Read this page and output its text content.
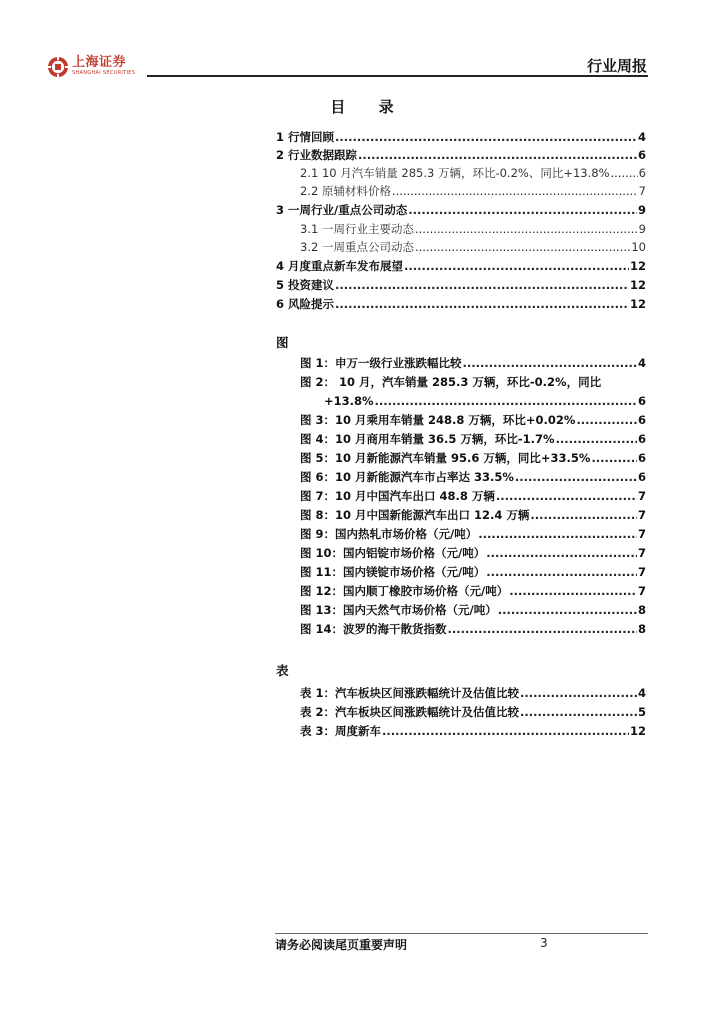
上海证券
SHANGHAI SECURITIES	行业周报
目 录
1 行情回顾 .....	4
2 行业数据跟踪 .....	6
2.1 10 月汽车销量 285.3 万辆，环比-0.2%、同比+13.8% .....	6
2.2 原辅材料价格 .....	7
3 一周行业/重点公司动态 .....	9
3.1 一周行业主要动态 .....	9
3.2 一周重点公司动态 .....	10
4 月度重点新车发布展望 .....	12
5 投资建议 .....	12
6 风险提示 .....	12
图
图 1：申万一级行业涨跌幅比较 .....	4
图 2： 10 月，汽车销量 285.3 万辆，环比-0.2%，同比
+13.8% .....	6
图 3：10 月乘用车销量 248.8 万辆，环比+0.02% .....	6
图 4：10 月商用车销量 36.5 万辆，环比-1.7% .....	6
图 5：10 月新能源汽车销量 95.6 万辆，同比+33.5% .....	6
图 6：10 月新能源汽车市占率达 33.5% .....	6
图 7：10 月中国汽车出口 48.8 万辆 .....	7
图 8：10 月中国新能源汽车出口 12.4 万辆 .....	7
图 9：国内热轧市场价格（元/吨） .....	7
图 10：国内铝锭市场价格（元/吨） .....	7
图 11：国内镁锭市场价格（元/吨） .....	7
图 12：国内顺丁橡胶市场价格（元/吨） .....	7
图 13：国内天然气市场价格（元/吨） .....	8
图 14：波罗的海干散货指数 .....	8
表
表 1：汽车板块区间涨跌幅统计及估值比较 .....	4
表 2：汽车板块区间涨跌幅统计及估值比较 .....	5
表 3：周度新车 .....	12
请务必阅读尾页重要声明	3
